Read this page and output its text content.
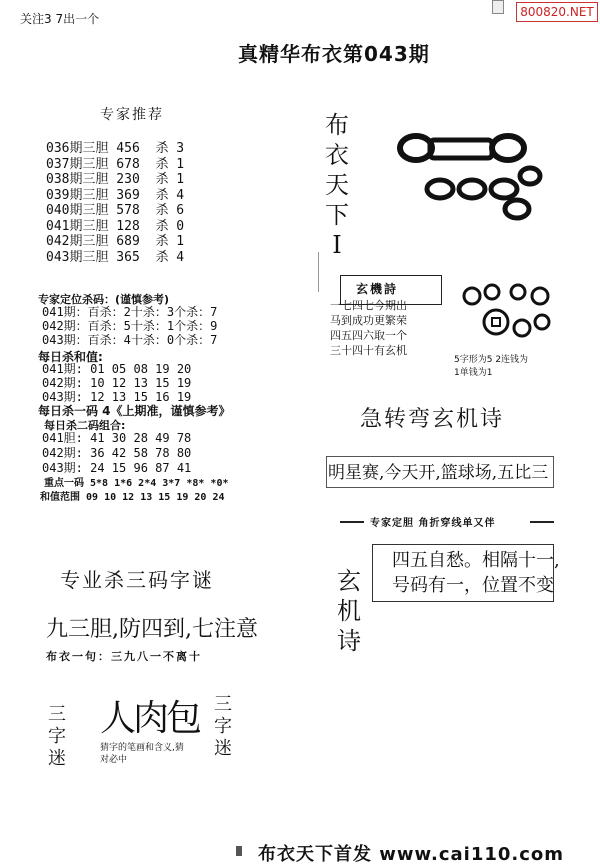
800820.NET
关注3 7出一个
真精华布衣第043期
专家推荐
036期三胆 456  杀 3
037期三胆 678  杀 1
038期三胆 230  杀 1
039期三胆 369  杀 4
040期三胆 578  杀 6
041期三胆 128  杀 0
042期三胆 689  杀 1
043期三胆 365  杀 4
专家定位杀码：(谨慎参考)
041期：百杀：2十杀：3个杀：7
042期：百杀：5十杀：1个杀：9
043期：百杀：4十杀：0个杀：7
每日杀和值:
041期: 01 05 08 19 20
042期: 10 12 13 15 19
043期: 12 13 15 16 19
每日杀一码 4《上期准，谨慎参考》
每日杀二码组合:
041胆: 41 30 28 49 78
042期: 36 42 58 78 80
043期: 24 15 96 87 41
重点一码 5*8 1*6 2*4 3*7 *8* *0*
和值范围 09 10 12 13 15 19 20 24
专业杀三码字谜
九三胆,防四到,七注意
布衣一句：三九八一不离十
三
字
迷
人肉包
猜字的笔画和含义,猜对必中
三
字
迷
布
衣
天
下
I
玄機詩
一七四七今期出
马到成功更繁荣
四五四六取一个
三十四十有玄机
5字形为5 2连钱为
1单钱为1
急转弯玄机诗
明星赛,今天开,篮球场,五比三
专家定胆 角折穿线单又伴
玄
机
诗
四五自愁。相隔十一,
号码有一，位置不变
布衣天下首发 www.cai110.com
